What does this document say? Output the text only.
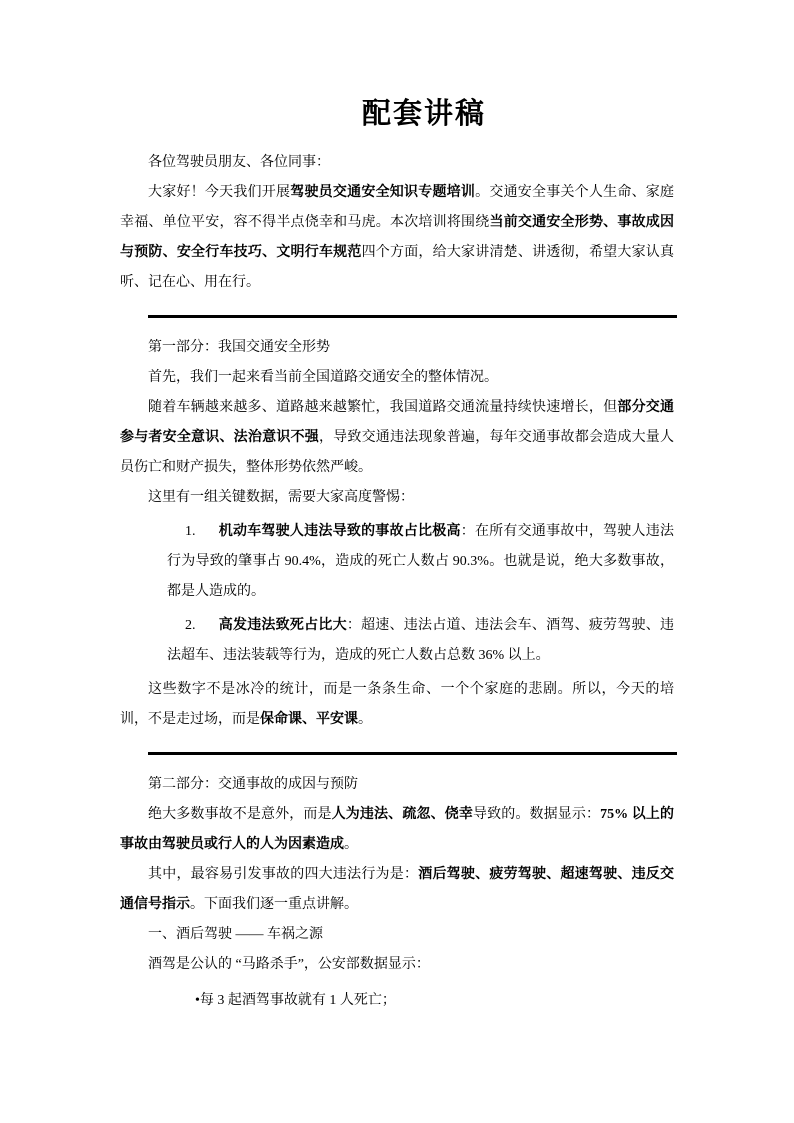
配套讲稿
各位驾驶员朋友、各位同事：
大家好！今天我们开展驾驶员交通安全知识专题培训。交通安全事关个人生命、家庭幸福、单位平安，容不得半点侥幸和马虎。本次培训将围绕当前交通安全形势、事故成因与预防、安全行车技巧、文明行车规范四个方面，给大家讲清楚、讲透彻，希望大家认真听、记在心、用在行。
第一部分：我国交通安全形势
首先，我们一起来看当前全国道路交通安全的整体情况。
随着车辆越来越多、道路越来越繁忙，我国道路交通流量持续快速增长，但部分交通参与者安全意识、法治意识不强，导致交通违法现象普遍，每年交通事故都会造成大量人员伤亡和财产损失，整体形势依然严峻。
这里有一组关键数据，需要大家高度警惕：
1. 机动车驾驶人违法导致的事故占比极高：在所有交通事故中，驾驶人违法行为导致的肇事占 90.4%，造成的死亡人数占 90.3%。也就是说，绝大多数事故，都是人造成的。
2. 高发违法致死占比大：超速、违法占道、违法会车、酒驾、疲劳驾驶、违法超车、违法装载等行为，造成的死亡人数占总数 36% 以上。
这些数字不是冰冷的统计，而是一条条生命、一个个家庭的悲剧。所以，今天的培训，不是走过场，而是保命课、平安课。
第二部分：交通事故的成因与预防
绝大多数事故不是意外，而是人为违法、疏忽、侥幸导致的。数据显示：75% 以上的事故由驾驶员或行人的人为因素造成。
其中，最容易引发事故的四大违法行为是：酒后驾驶、疲劳驾驶、超速驾驶、违反交通信号指示。下面我们逐一重点讲解。
一、酒后驾驶 —— 车祸之源
酒驾是公认的 “马路杀手”，公安部数据显示：
•每 3 起酒驾事故就有 1 人死亡；
